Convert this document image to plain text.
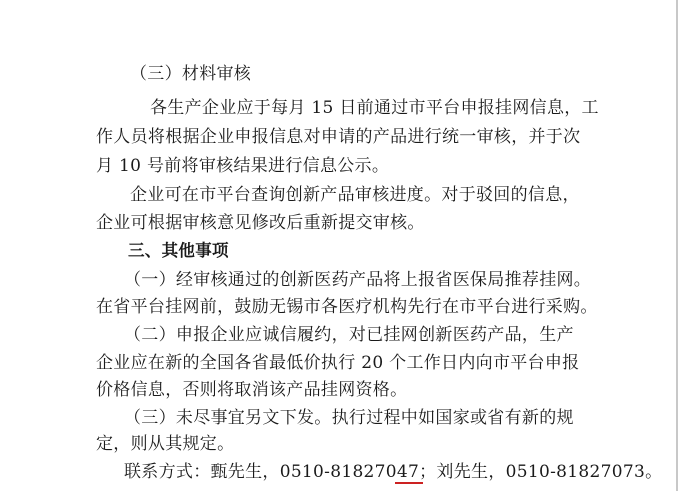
（三）材料审核
各生产企业应于每月 15 日前通过市平台申报挂网信息，工
作人员将根据企业申报信息对申请的产品进行统一审核，并于次
月 10 号前将审核结果进行信息公示。
企业可在市平台查询创新产品审核进度。对于驳回的信息，
企业可根据审核意见修改后重新提交审核。
三、其他事项
（一）经审核通过的创新医药产品将上报省医保局推荐挂网。
在省平台挂网前，鼓励无锡市各医疗机构先行在市平台进行采购。
（二）申报企业应诚信履约，对已挂网创新医药产品，生产
企业应在新的全国各省最低价执行 20 个工作日内向市平台申报
价格信息，否则将取消该产品挂网资格。
（三）未尽事宜另文下发。执行过程中如国家或省有新的规
定，则从其规定。
联系方式：甄先生，0510-81827047；刘先生，0510-81827073。
